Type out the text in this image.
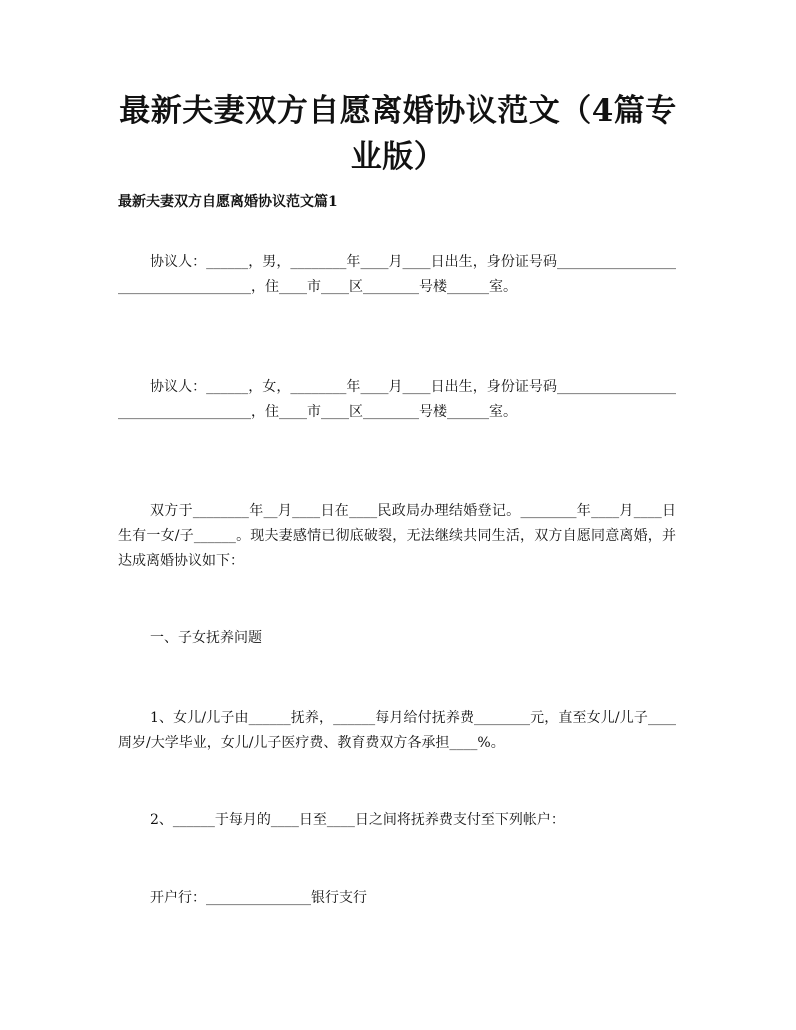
最新夫妻双方自愿离婚协议范文（4篇专业版）
最新夫妻双方自愿离婚协议范文篇1
协议人：______，男，________年____月____日出生，身份证号码____________________________________，住____市____区________号楼______室。
协议人：______，女，________年____月____日出生，身份证号码____________________________________，住____市____区________号楼______室。
双方于________年__月____日在____民政局办理结婚登记。________年____月____日生有一女/子______。现夫妻感情已彻底破裂，无法继续共同生活，双方自愿同意离婚，并达成离婚协议如下：
一、子女抚养问题
1、女儿/儿子由______抚养，______每月给付抚养费________元，直至女儿/儿子____周岁/大学毕业，女儿/儿子医疗费、教育费双方各承担____%。
2、______于每月的____日至____日之间将抚养费支付至下列帐户：
开户行：_______________银行支行
